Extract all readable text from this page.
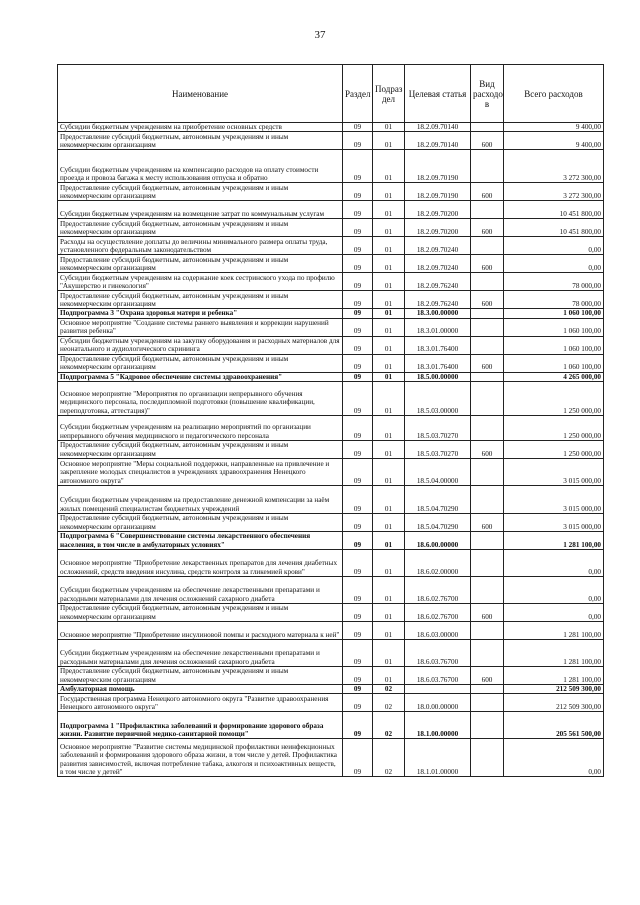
37
Наименование	Раздел	Подраз дел	Целевая статья	Вид расходо в	Всего расходов
Субсидии бюджетным учреждениям на приобретение основных средств	09	01	18.2.09.70140		9 400,00
Предоставление субсидий бюджетным, автономным учреждениям и иным некоммерческим организациям	09	01	18.2.09.70140	600	9 400,00
Субсидии бюджетным учреждениям на компенсацию расходов на оплату стоимости проезда и провоза багажа к месту использования отпуска и обратно	09	01	18.2.09.70190		3 272 300,00
Предоставление субсидий бюджетным, автономным учреждениям и иным некоммерческим организациям	09	01	18.2.09.70190	600	3 272 300,00
Субсидии бюджетным учреждениям на возмещение затрат по коммунальным услугам	09	01	18.2.09.70200		10 451 800,00
Предоставление субсидий бюджетным, автономным учреждениям и иным некоммерческим организациям	09	01	18.2.09.70200	600	10 451 800,00
Расходы на осуществление доплаты до величины минимального размера оплаты труда, установленного федеральным законодательством	09	01	18.2.09.70240		0,00
Предоставление субсидий бюджетным, автономным учреждениям и иным некоммерческим организациям	09	01	18.2.09.70240	600	0,00
Субсидии бюджетным учреждениям на содержание коек сестринского ухода по профилю "Акушерство и гинекология"	09	01	18.2.09.76240		78 000,00
Предоставление субсидий бюджетным, автономным учреждениям и иным некоммерческим организациям	09	01	18.2.09.76240	600	78 000,00
Подпрограмма 3 "Охрана здоровья матери и ребенка"	09	01	18.3.00.00000		1 060 100,00
Основное мероприятие "Создание системы раннего выявления и коррекции нарушений развития ребенка"	09	01	18.3.01.00000		1 060 100,00
Субсидии бюджетным учреждениям на закупку оборудования и расходных материалов для неонатального и аудиологического скрининга	09	01	18.3.01.76400		1 060 100,00
Предоставление субсидий бюджетным, автономным учреждениям и иным некоммерческим организациям	09	01	18.3.01.76400	600	1 060 100,00
Подпрограмма 5 "Кадровое обеспечение системы здравоохранения"	09	01	18.5.00.00000		4 265 000,00
Основное мероприятие "Мероприятия по организации непрерывного обучения медицинского персонала, последипломной подготовки (повышение квалификации, переподготовка, аттестация)"	09	01	18.5.03.00000		1 250 000,00
Субсидии бюджетным учреждениям на реализацию мероприятий по организации непрерывного обучения медицинского и педагогического персонала	09	01	18.5.03.70270		1 250 000,00
Предоставление субсидий бюджетным, автономным учреждениям и иным некоммерческим организациям	09	01	18.5.03.70270	600	1 250 000,00
Основное мероприятие "Меры социальной поддержки, направленные на привлечение и закрепление молодых специалистов в учреждениях здравоохранения Ненецкого автономного округа"	09	01	18.5.04.00000		3 015 000,00
Субсидии бюджетным учреждениям на предоставление денежной компенсации за наём жилых помещений специалистам бюджетных учреждений	09	01	18.5.04.70290		3 015 000,00
Предоставление субсидий бюджетным, автономным учреждениям и иным некоммерческим организациям	09	01	18.5.04.70290	600	3 015 000,00
Подпрограмма 6 "Совершенствование системы лекарственного обеспечения населения, в том числе в амбулаторных условиях"	09	01	18.6.00.00000		1 281 100,00
Основное мероприятие "Приобретение лекарственных препаратов для лечения диабетных осложнений, средств введения инсулина, средств контроля за гликемией крови"	09	01	18.6.02.00000		0,00
Субсидии бюджетным учреждениям на обеспечение лекарственными препаратами и расходными материалами для лечения осложнений сахарного диабета	09	01	18.6.02.76700		0,00
Предоставление субсидий бюджетным, автономным учреждениям и иным некоммерческим организациям	09	01	18.6.02.76700	600	0,00
Основное мероприятие "Приобретение инсулиновой помпы и расходного материала к ней"	09	01	18.6.03.00000		1 281 100,00
Субсидии бюджетным учреждениям на обеспечение лекарственными препаратами и расходными материалами для лечения осложнений сахарного диабета	09	01	18.6.03.76700		1 281 100,00
Предоставление субсидий бюджетным, автономным учреждениям и иным некоммерческим организациям	09	01	18.6.03.76700	600	1 281 100,00
Амбулаторная помощь	09	02			212 509 300,00
Государственная программа Ненецкого автономного округа "Развитие здравоохранения Ненецкого автономного округа"	09	02	18.0.00.00000		212 509 300,00
Подпрограмма 1 "Профилактика заболеваний и формирование здорового образа жизни. Развитие первичной медико-санитарной помощи"	09	02	18.1.00.00000		205 561 500,00
Основное мероприятие "Развитие системы медицинской профилактики неинфекционных заболеваний и формирования здорового образа жизни, в том числе у детей. Профилактика развития зависимостей, включая потребление табака, алкоголя и психоактивных веществ, в том числе у детей"	09	02	18.1.01.00000		0,00
